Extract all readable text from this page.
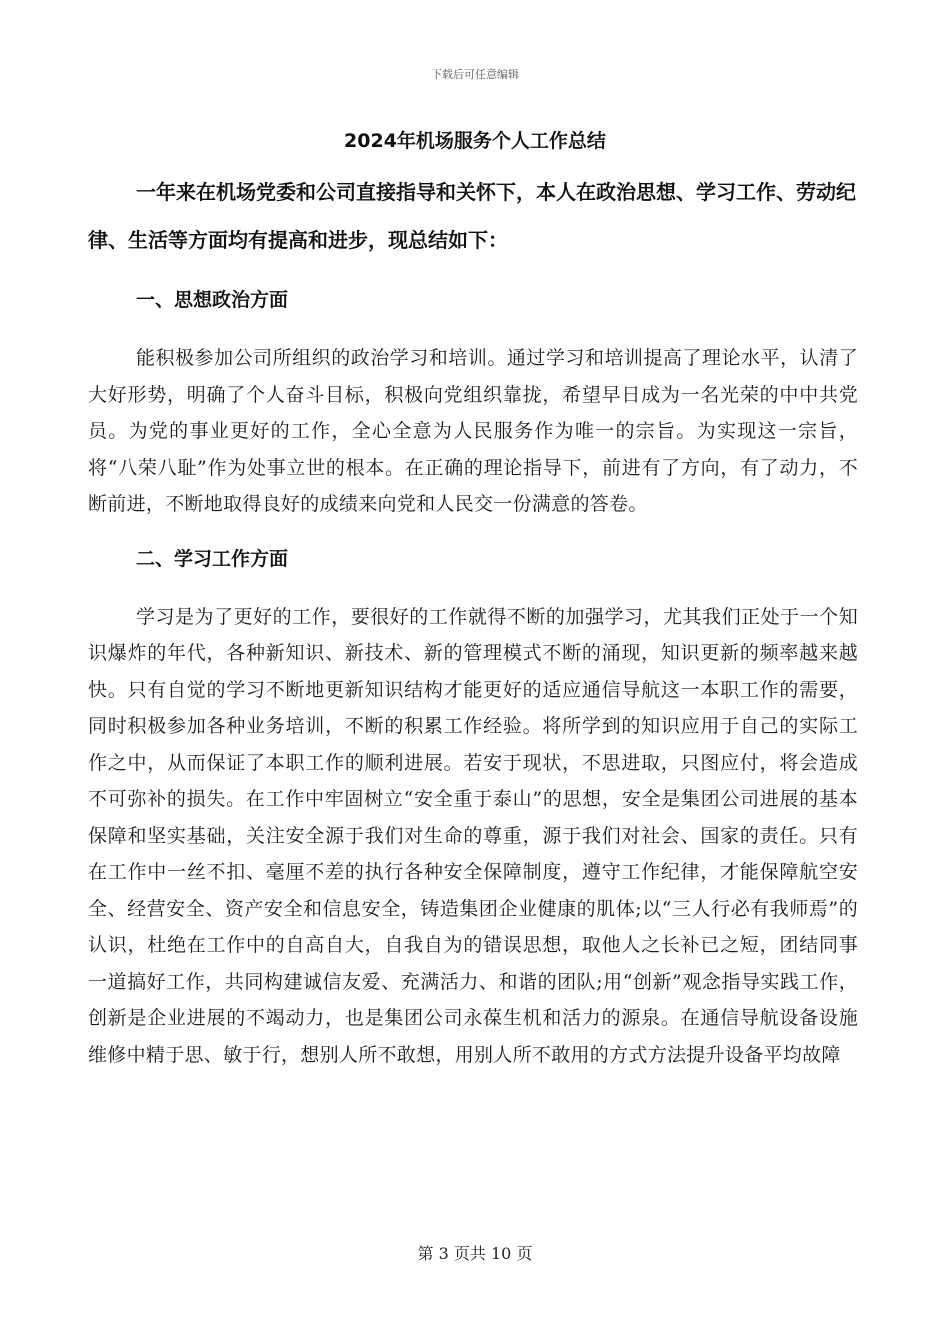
下载后可任意编辑
2024年机场服务个人工作总结

一年来在机场党委和公司直接指导和关怀下，本人在政治思想、学习工作、劳动纪律、生活等方面均有提高和进步，现总结如下：

一、思想政治方面

能积极参加公司所组织的政治学习和培训。通过学习和培训提高了理论水平，认清了大好形势，明确了个人奋斗目标，积极向党组织靠拢，希望早日成为一名光荣的中中共党员。为党的事业更好的工作，全心全意为人民服务作为唯一的宗旨。为实现这一宗旨，将“八荣八耻”作为处事立世的根本。在正确的理论指导下，前进有了方向，有了动力，不断前进，不断地取得良好的成绩来向党和人民交一份满意的答卷。

二、学习工作方面

学习是为了更好的工作，要很好的工作就得不断的加强学习，尤其我们正处于一个知识爆炸的年代，各种新知识、新技术、新的管理模式不断的涌现，知识更新的频率越来越快。只有自觉的学习不断地更新知识结构才能更好的适应通信导航这一本职工作的需要，同时积极参加各种业务培训，不断的积累工作经验。将所学到的知识应用于自己的实际工作之中，从而保证了本职工作的顺利进展。若安于现状，不思进取，只图应付，将会造成不可弥补的损失。在工作中牢固树立“安全重于泰山”的思想，安全是集团公司进展的基本保障和坚实基础，关注安全源于我们对生命的尊重，源于我们对社会、国家的责任。只有在工作中一丝不扣、毫厘不差的执行各种安全保障制度，遵守工作纪律，才能保障航空安全、经营安全、资产安全和信息安全，铸造集团企业健康的肌体;以“三人行必有我师焉”的认识，杜绝在工作中的自高自大，自我自为的错误思想，取他人之长补已之短，团结同事一道搞好工作，共同构建诚信友爱、充满活力、和谐的团队;用“创新”观念指导实践工作，创新是企业进展的不竭动力，也是集团公司永葆生机和活力的源泉。在通信导航设备设施维修中精于思、敏于行，想别人所不敢想，用别人所不敢用的方式方法提升设备平均故障

第 3 页共 10 页
